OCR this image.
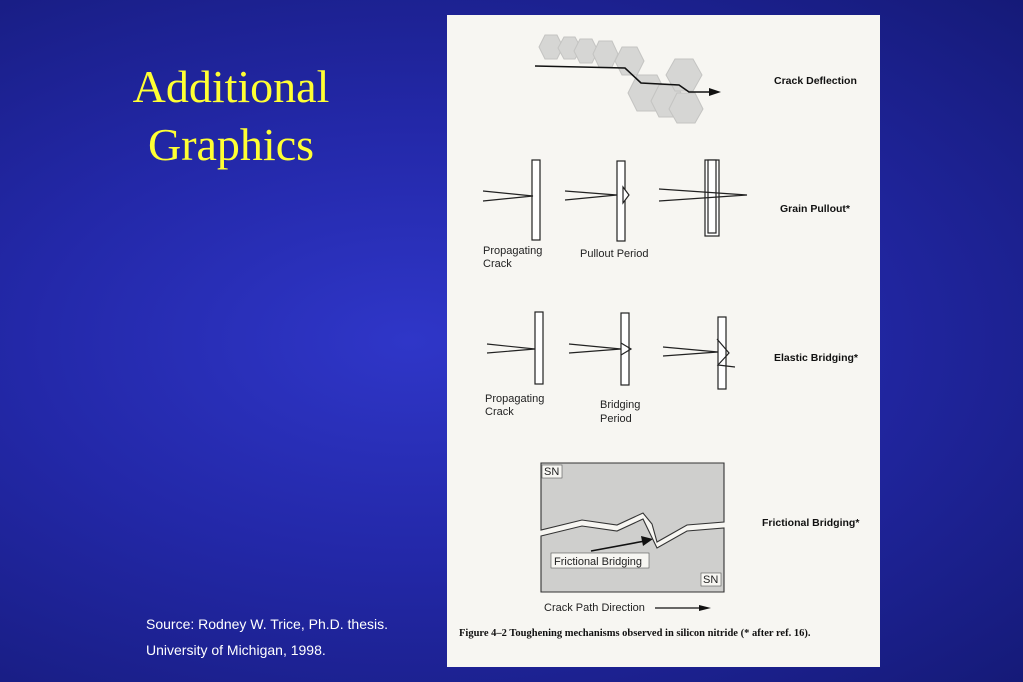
Additional
Graphics
Source: Rodney W. Trice, Ph.D. thesis.
University of Michigan, 1998.
Crack Deflection
Propagating
Crack
Pullout Period
Grain Pullout*
Propagating
Crack
Bridging
Period
Elastic Bridging*
SN
SN
Frictional Bridging
Crack Path Direction
Frictional Bridging*
Figure 4–2 Toughening mechanisms observed in silicon nitride (* after ref. 16).
